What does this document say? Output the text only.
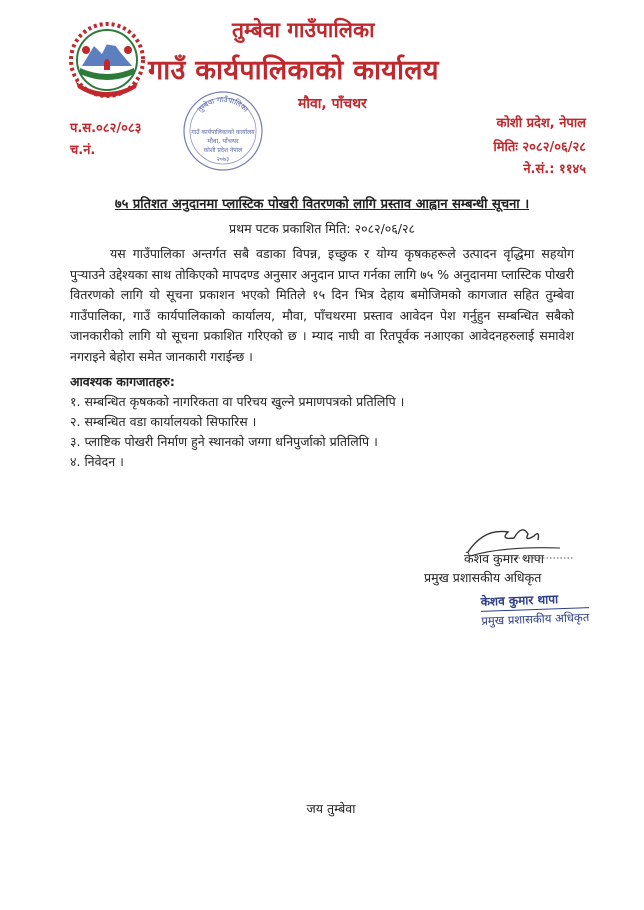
तुम्बेवा गाउँपालिका
गाउँ कार्यपालिकाको कार्यालय
मौवा, पाँचथर
तुम्बेवा गाउँपालिका
गाउँ कार्यपालिकाको कार्यालय
मौवा, पाँचथर
कोशी प्रदेश नेपाल
२०७३
प.स.०८२/०८३
च.नं.
कोशी प्रदेश, नेपाल
मितिः २०८२/०६/२८
ने.सं.: ११४५
७५ प्रतिशत अनुदानमा प्लास्टिक पोखरी वितरणको लागि प्रस्ताव आह्वान सम्बन्धी सूचना ।
प्रथम पटक प्रकाशित मिति: २०८२/०६/२८
यस गाउँपालिका अन्तर्गत सबै वडाका विपन्न, इच्छुक र योग्य कृषकहरूले उत्पादन वृद्धिमा सहयोग पुऱ्याउने उद्देश्यका साथ तोकिएको मापदण्ड अनुसार अनुदान प्राप्त गर्नका लागि ७५ % अनुदानमा प्लास्टिक पोखरी वितरणको लागि यो सूचना प्रकाशन भएको मितिले १५ दिन भित्र देहाय बमोजिमको कागजात सहित तुम्बेवा गाउँपालिका, गाउँ कार्यपालिकाको कार्यालय, मौवा, पाँचथरमा प्रस्ताव आवेदन पेश गर्नुहुन सम्बन्धित सबैको जानकारीको लागि यो सूचना प्रकाशित गरिएको छ । म्याद नाघी वा रितपूर्वक नआएका आवेदनहरुलाई समावेश नगराइने बेहोरा समेत जानकारी गराईन्छ ।
आवश्यक कागजातहरु:
१. सम्बन्धित कृषकको नागरिकता वा परिचय खुल्ने प्रमाणपत्रको प्रतिलिपि ।
२. सम्बन्धित वडा कार्यालयको सिफारिस ।
३. प्लाष्टिक पोखरी निर्माण हुने स्थानको जग्गा धनिपुर्जाको प्रतिलिपि ।
४. निवेदन ।
केशव कुमार थापा
प्रमुख प्रशासकीय अधिकृत
केशव कुमार थापा
प्रमुख प्रशासकीय अधिकृत
जय तुम्बेवा
